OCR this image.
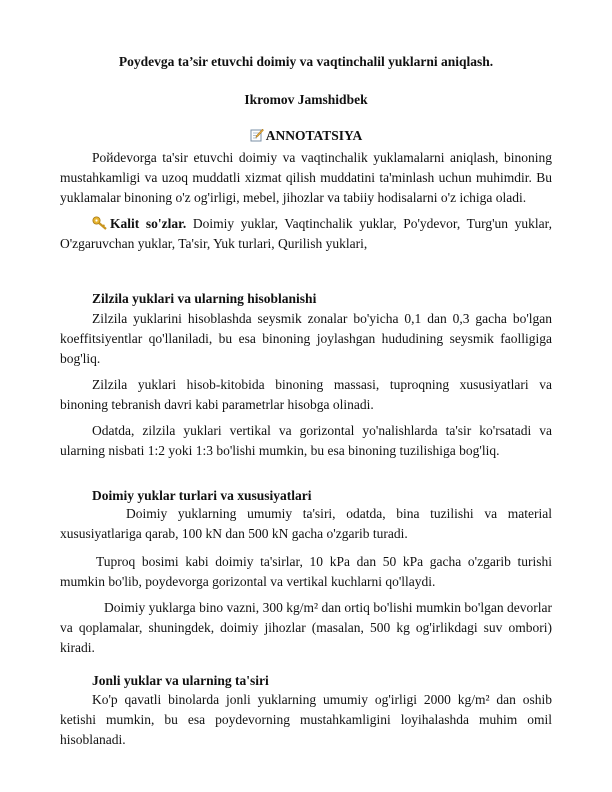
Poydevga ta’sir etuvchi doimiy va vaqtinchalil yuklarni aniqlash.
Ikromov Jamshidbek
ANNOTATSIYA

Poйdevorga ta'sir etuvchi doimiy va vaqtinchalik yuklamalarni aniqlash, binoning mustahkamligi va uzoq muddatli xizmat qilish muddatini ta'minlash uchun muhimdir. Bu yuklamalar binoning o'z og'irligi, mebel, jihozlar va tabiiy hodisalarni o'z ichiga oladi.

Kalit so'zlar. Doimiy yuklar, Vaqtinchalik yuklar, Po'ydevor, Turg'un yuklar, O'zgaruvchan yuklar, Ta'sir, Yuk turlari, Qurilish yuklari,

Zilzila yuklari va ularning hisoblanishi

Zilzila yuklarini hisoblashda seysmik zonalar bo'yicha 0,1 dan 0,3 gacha bo'lgan koeffitsiyentlar qo'llaniladi, bu esa binoning joylashgan hududining seysmik faolligiga bog'liq.

Zilzila yuklari hisob-kitobida binoning massasi, tuproqning xususiyatlari va binoning tebranish davri kabi parametrlar hisobga olinadi.

Odatda, zilzila yuklari vertikal va gorizontal yo'nalishlarda ta'sir ko'rsatadi va ularning nisbati 1:2 yoki 1:3 bo'lishi mumkin, bu esa binoning tuzilishiga bog'liq.

Doimiy yuklar turlari va xususiyatlari

Doimiy yuklarning umumiy ta'siri, odatda, bina tuzilishi va material xususiyatlariga qarab, 100 kN dan 500 kN gacha o'zgarib turadi.

Tuproq bosimi kabi doimiy ta'sirlar, 10 kPa dan 50 kPa gacha o'zgarib turishi mumkin bo'lib, poydevorga gorizontal va vertikal kuchlarni qo'llaydi.

Doimiy yuklarga bino vazni, 300 kg/m² dan ortiq bo'lishi mumkin bo'lgan devorlar va qoplamalar, shuningdek, doimiy jihozlar (masalan, 500 kg og'irlikdagi suv ombori) kiradi.

Jonli yuklar va ularning ta'siri

Ko'p qavatli binolarda jonli yuklarning umumiy og'irligi 2000 kg/m² dan oshib ketishi mumkin, bu esa poydevorning mustahkamligini loyihalashda muhim omil hisoblanadi.
